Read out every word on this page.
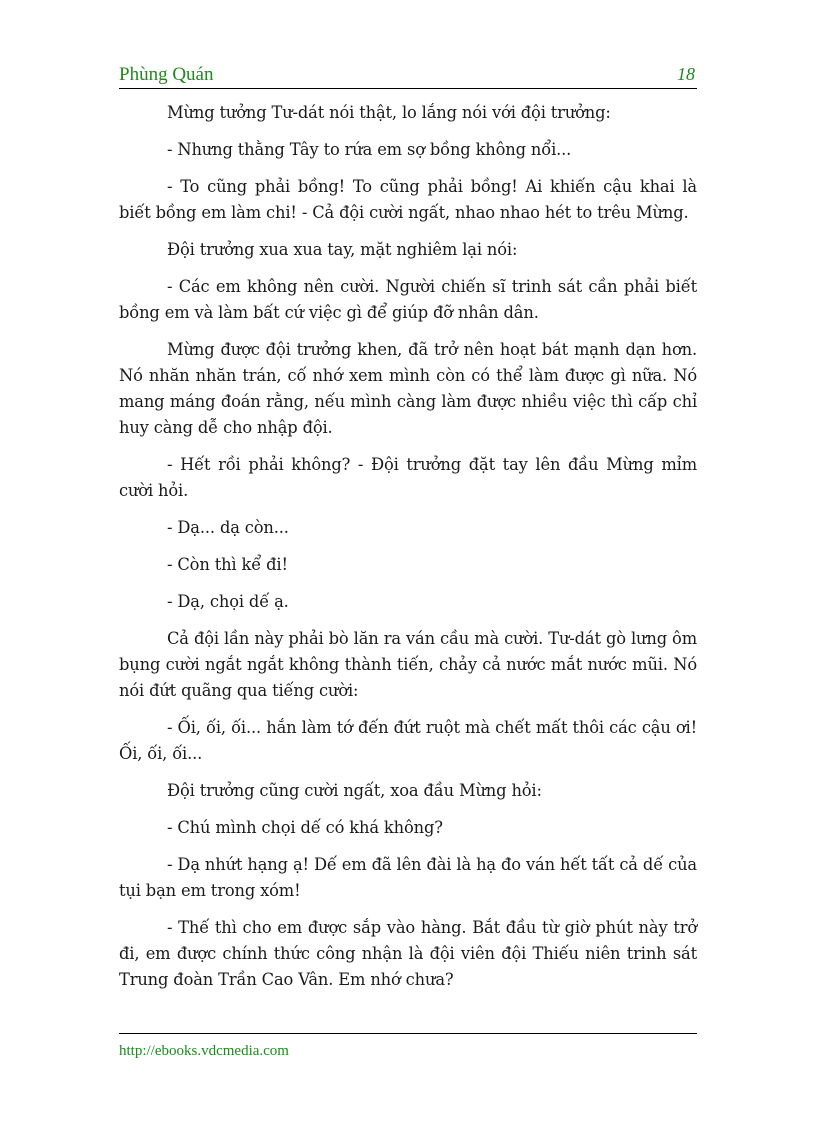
Phùng Quán	18

Mừng tưởng Tư-dát nói thật, lo lắng nói với đội trưởng:

- Nhưng thằng Tây to rứa em sợ bồng không nổi...

- To cũng phải bồng! To cũng phải bồng! Ai khiến cậu khai là biết bồng em làm chi! - Cả đội cười ngất, nhao nhao hét to trêu Mừng.

Đội trưởng xua xua tay, mặt nghiêm lại nói:

- Các em không nên cười. Người chiến sĩ trinh sát cần phải biết bồng em và làm bất cứ việc gì để giúp đỡ nhân dân.

Mừng được đội trưởng khen, đã trở nên hoạt bát mạnh dạn hơn. Nó nhăn nhăn trán, cố nhớ xem mình còn có thể làm được gì nữa. Nó mang máng đoán rằng, nếu mình càng làm được nhiều việc thì cấp chỉ huy càng dễ cho nhập đội.

- Hết rồi phải không? - Đội trưởng đặt tay lên đầu Mừng mỉm cười hỏi.

- Dạ... dạ còn...

- Còn thì kể đi!

- Dạ, chọi dế ạ.

Cả đội lần này phải bò lăn ra ván cầu mà cười. Tư-dát gò lưng ôm bụng cười ngắt ngắt không thành tiến, chảy cả nước mắt nước mũi. Nó nói đứt quãng qua tiếng cười:

- Ối, ối, ối... hắn làm tớ đến đứt ruột mà chết mất thôi các cậu ơi! Ối, ối, ối...

Đội trưởng cũng cười ngất, xoa đầu Mừng hỏi:

- Chú mình chọi dế có khá không?

- Dạ nhứt hạng ạ! Dế em đã lên đài là hạ đo ván hết tất cả dế của tụi bạn em trong xóm!

- Thế thì cho em được sắp vào hàng. Bắt đầu từ giờ phút này trở đi, em được chính thức công nhận là đội viên đội Thiếu niên trinh sát Trung đoàn Trần Cao Vân. Em nhớ chưa?

http://ebooks.vdcmedia.com
